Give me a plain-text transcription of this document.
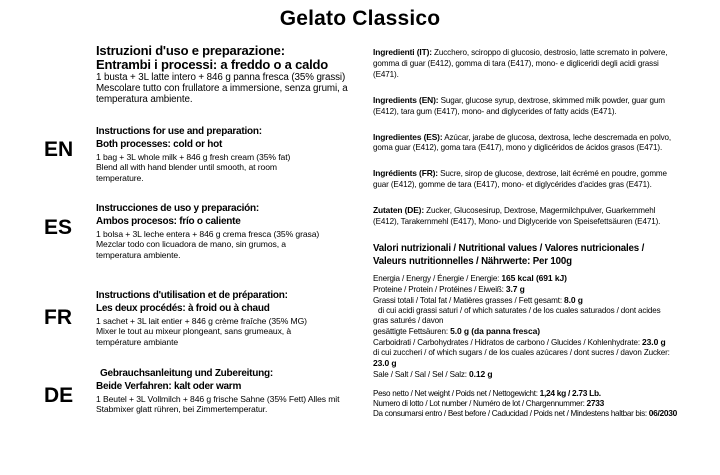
Gelato Classico
EN
ES
FR
DE
Istruzioni d'uso e preparazione:
Entrambi i processi: a freddo o a caldo
1 busta + 3L latte intero + 846 g panna fresca (35% grassi) Mescolare tutto con frullatore a immersione, senza grumi, a temperatura ambiente.
Instructions for use and preparation:
Both processes: cold or hot
1 bag + 3L whole milk + 846 g fresh cream (35% fat) Blend all with hand blender until smooth, at room temperature.
Instrucciones de uso y preparación:
Ambos procesos: frío o caliente
1 bolsa + 3L leche entera + 846 g crema fresca (35% grasa) Mezclar todo con licuadora de mano, sin grumos, a temperatura ambiente.
Instructions d'utilisation et de préparation:
Les deux procédés: à froid ou à chaud
1 sachet + 3L lait entier + 846 g crème fraîche (35% MG) Mixer le tout au mixeur plongeant, sans grumeaux, à température ambiante
Gebrauchsanleitung und Zubereitung:
Beide Verfahren: kalt oder warm
1 Beutel + 3L Vollmilch + 846 g frische Sahne (35% Fett) Alles mit Stabmixer glatt rühren, bei Zimmertemperatur.

Ingredienti (IT): Zucchero, sciroppo di glucosio, destrosio, latte scremato in polvere, gomma di guar (E412), gomma di tara (E417), mono- e digliceridi degli acidi grassi (E471).

Ingredients (EN): Sugar, glucose syrup, dextrose, skimmed milk powder, guar gum (E412), tara gum (E417), mono- and diglycerides of fatty acids (E471).

Ingredientes (ES): Azúcar, jarabe de glucosa, dextrosa, leche descremada en polvo, goma guar (E412), goma tara (E417), mono y diglicéridos de ácidos grasos (E471).

Ingrédients (FR): Sucre, sirop de glucose, dextrose, lait écrémé en poudre, gomme guar (E412), gomme de tara (E417), mono- et diglycérides d'acides gras (E471).

Zutaten (DE): Zucker, Glucosesirup, Dextrose, Magermilchpulver, Guarkernmehl (E412), Tarakernmehl (E417), Mono- und Diglyceride von Speisefettsäuren (E471).

Valori nutrizionali / Nutritional values / Valores nutricionales / Valeurs nutritionnelles / Nährwerte: Per 100g
Energia / Energy / Énergie / Energie: 165 kcal (691 kJ)
Proteine / Protein / Protéines / Eiweiß: 3.7 g
Grassi totali / Total fat / Matières grasses / Fett gesamt: 8.0 g
di cui acidi grassi saturi / of which saturates / de los cuales saturados / dont acides gras saturés / davon
gesättigte Fettsäuren: 5.0 g (da panna fresca)
Carboidrati / Carbohydrates / Hidratos de carbono / Glucides / Kohlenhydrate: 23.0 g
di cui zuccheri / of which sugars / de los cuales azúcares / dont sucres / davon Zucker: 23.0 g
Sale / Salt / Sal / Sel / Salz: 0.12 g
Peso netto / Net weight / Poids net / Nettogewicht: 1,24 kg / 2.73 Lb.
Numero di lotto / Lot number / Numéro de lot / Chargennummer: 2733
Da consumarsi entro / Best before / Caducidad / Poids net / Mindestens haltbar bis: 06/2030
